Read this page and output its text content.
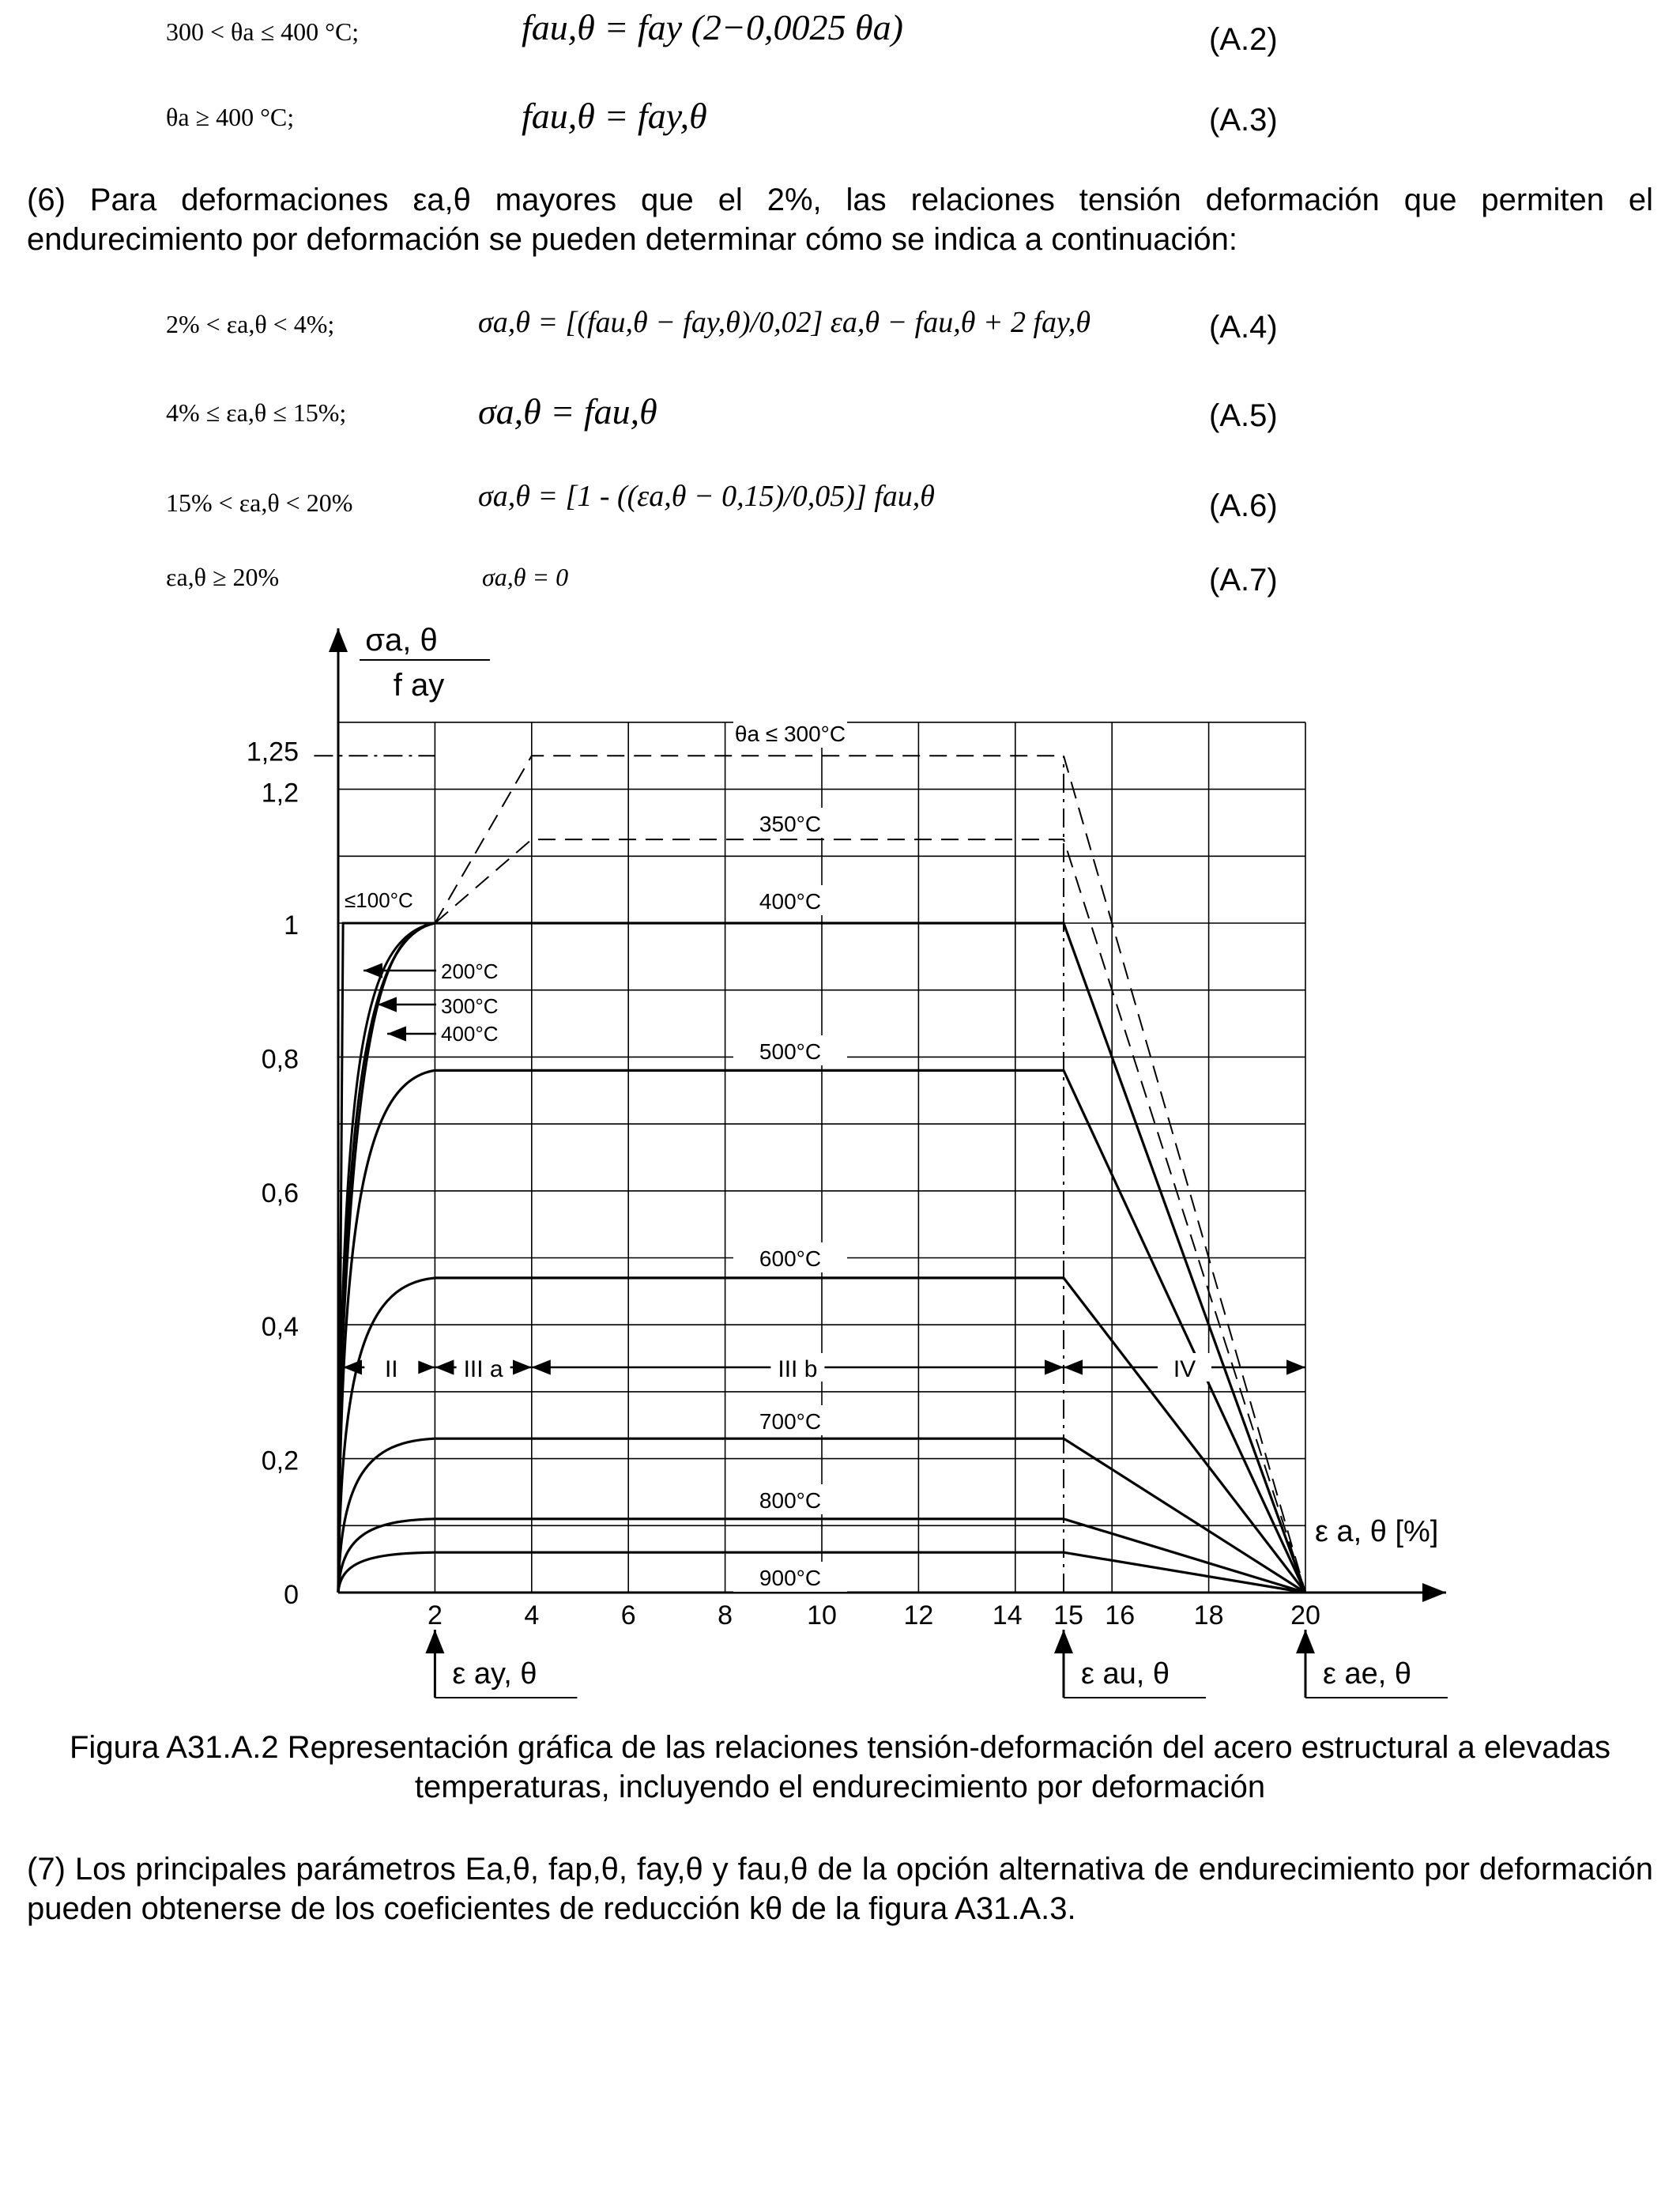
300 < θa ≤ 400 °C;	fau,θ = fay (2−0,0025 θa)	(A.2)
θa ≥ 400 °C;	fau,θ = fay,θ	(A.3)
(6) Para deformaciones εa,θ mayores que el 2%, las relaciones tensión deformación que permiten el endurecimiento por deformación se pueden determinar cómo se indica a continuación:
2% < εa,θ < 4%;	σa,θ = [(fau,θ − fay,θ)/0,02] εa,θ − fau,θ + 2 fay,θ	(A.4)
4% ≤ εa,θ ≤ 15%;	σa,θ = fau,θ	(A.5)
15% < εa,θ < 20%	σa,θ = [1 - ((εa,θ − 0,15)/0,05)] fau,θ	(A.6)
εa,θ ≥ 20%	σa,θ = 0	(A.7)
0
0,2
0,4
0,6
0,8
1
1,2
1,25
2	4	6	8	10 12 14 15 16 18 20
θa ≤ 300°C
350°C
400°C
500°C
600°C
700°C
800°C
900°C
≤100°C
200°C
300°C
400°C
II	III a	III b	IV
σa, θ
f ay
ε a, θ [%]
ε ay, θ	ε au, θ	ε ae, θ
Figura A31.A.2 Representación gráfica de las relaciones tensión-deformación del acero estructural a elevadas temperaturas, incluyendo el endurecimiento por deformación
(7) Los principales parámetros Ea,θ, fap,θ, fay,θ y fau,θ de la opción alternativa de endurecimiento por deformación pueden obtenerse de los coeficientes de reducción kθ de la figura A31.A.3.
